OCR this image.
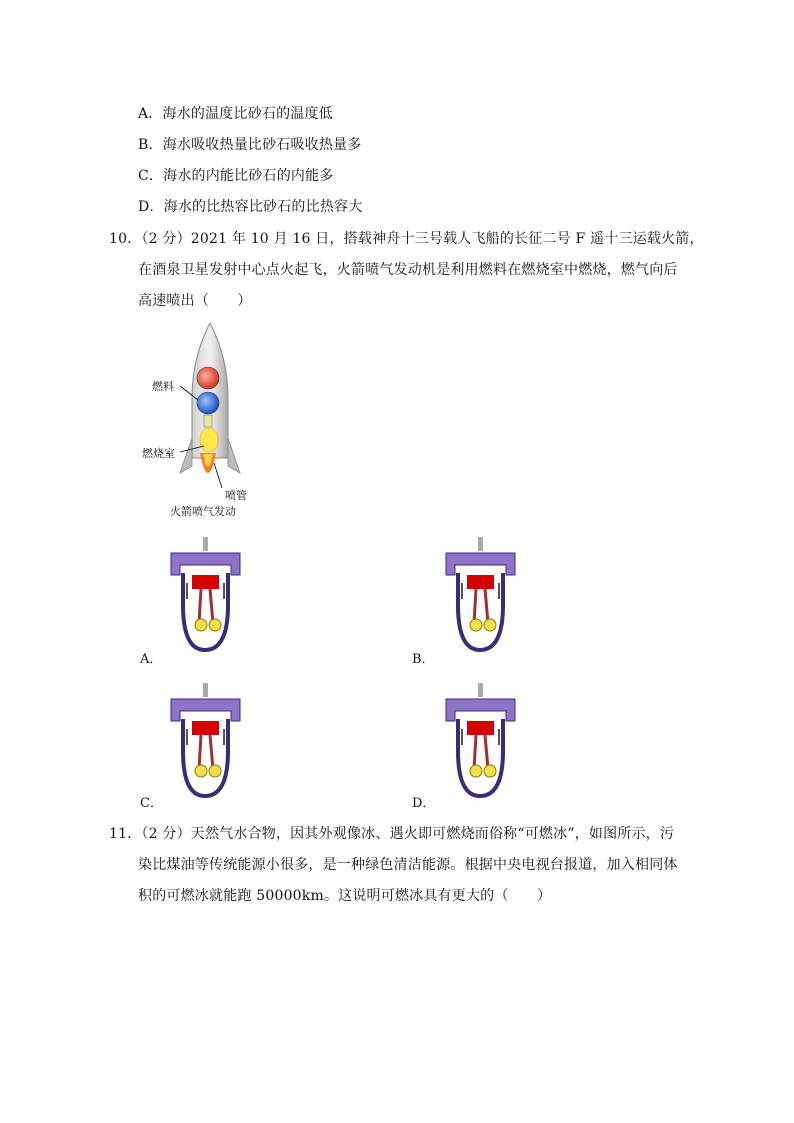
A．海水的温度比砂石的温度低
B．海水吸收热量比砂石吸收热量多
C．海水的内能比砂石的内能多
D．海水的比热容比砂石的比热容大
10．（2 分）2021 年 10 月 16 日，搭载神舟十三号载人飞船的长征二号 F 遥十三运载火箭，
在酒泉卫星发射中心点火起飞，火箭喷气发动机是利用燃料在燃烧室中燃烧，燃气向后
高速喷出（　　）
燃料
燃烧室
喷管
火箭喷气发动
A．	B．
C．	D．
11．（2 分）天然气水合物，因其外观像冰、遇火即可燃烧而俗称“可燃冰”，如图所示，污
染比煤油等传统能源小很多，是一种绿色清洁能源。根据中央电视台报道，加入相同体
积的可燃冰就能跑 50000km。这说明可燃冰具有更大的（　　）
